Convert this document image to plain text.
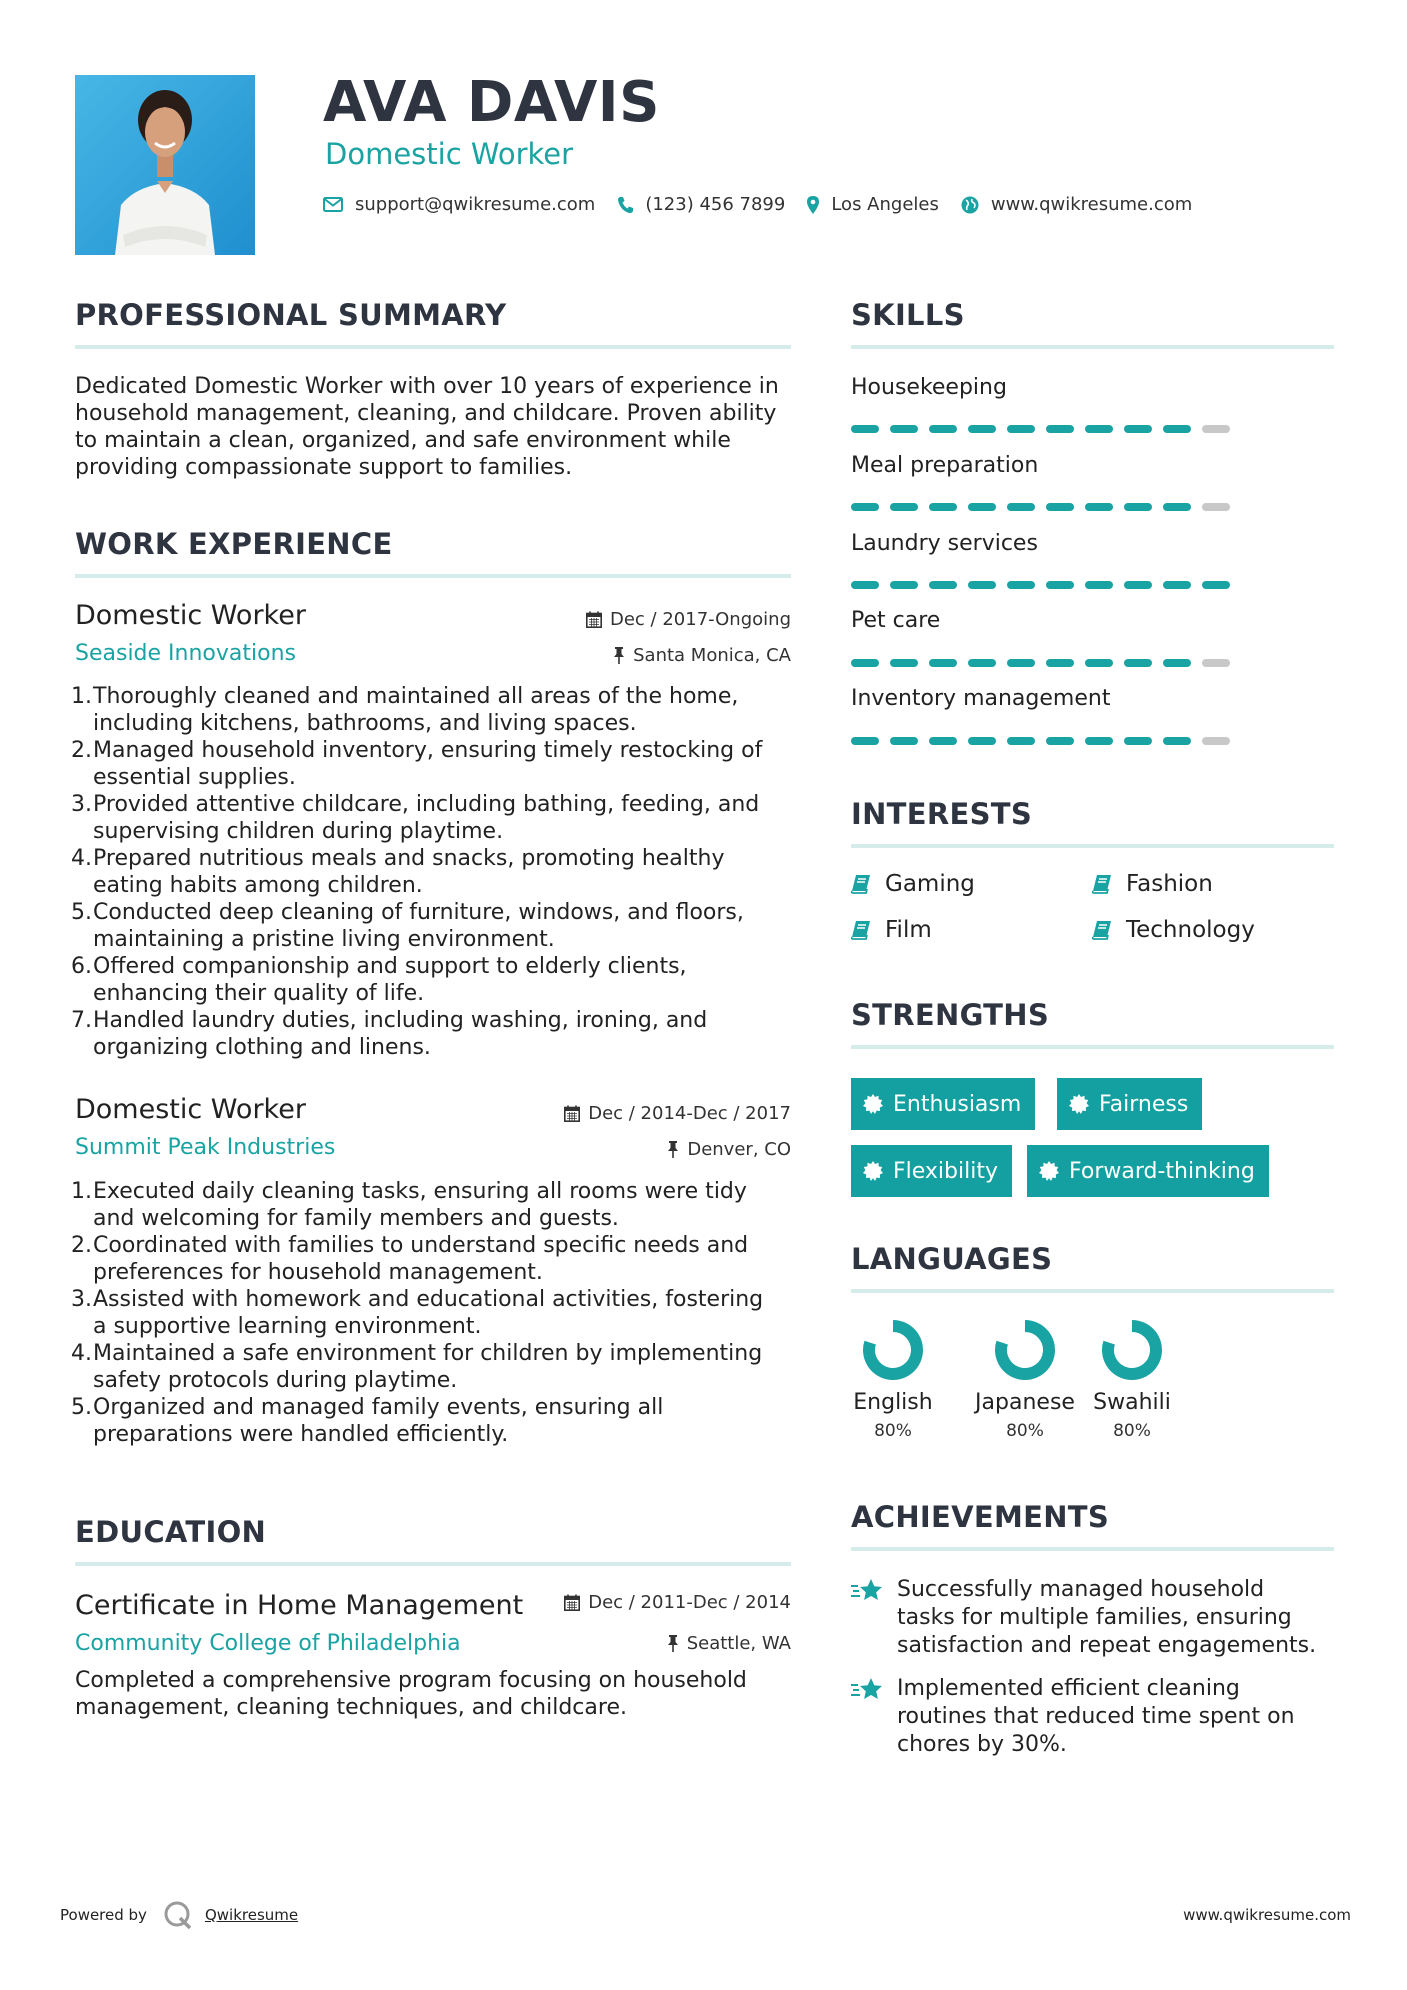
AVA DAVIS
Domestic Worker
support@qwikresume.com	(123) 456 7899	Los Angeles	www.qwikresume.com
PROFESSIONAL SUMMARY
Dedicated Domestic Worker with over 10 years of experience in
household management, cleaning, and childcare. Proven ability
to maintain a clean, organized, and safe environment while
providing compassionate support to families.
WORK EXPERIENCE
Domestic Worker	Dec / 2017-Ongoing
Seaside Innovations	Santa Monica, CA
Thoroughly cleaned and maintained all areas of the home,
including kitchens, bathrooms, and living spaces.
Managed household inventory, ensuring timely restocking of
essential supplies.
Provided attentive childcare, including bathing, feeding, and
supervising children during playtime.
Prepared nutritious meals and snacks, promoting healthy
eating habits among children.
Conducted deep cleaning of furniture, windows, and floors,
maintaining a pristine living environment.
Offered companionship and support to elderly clients,
enhancing their quality of life.
Handled laundry duties, including washing, ironing, and
organizing clothing and linens.
Domestic Worker	Dec / 2014-Dec / 2017
Summit Peak Industries	Denver, CO
Executed daily cleaning tasks, ensuring all rooms were tidy
and welcoming for family members and guests.
Coordinated with families to understand specific needs and
preferences for household management.
Assisted with homework and educational activities, fostering
a supportive learning environment.
Maintained a safe environment for children by implementing
safety protocols during playtime.
Organized and managed family events, ensuring all
preparations were handled efficiently.
EDUCATION
Certificate in Home Management	Dec / 2011-Dec / 2014
Community College of Philadelphia	Seattle, WA
Completed a comprehensive program focusing on household
management, cleaning techniques, and childcare.
SKILLS
Housekeeping
Meal preparation
Laundry services
Pet care
Inventory management
INTERESTS
Gaming	Fashion
Film	Technology
STRENGTHS
Enthusiasm	Fairness
Flexibility	Forward-thinking
LANGUAGES
English
80%
Japanese
80%
Swahili
80%
ACHIEVEMENTS
Successfully managed household
tasks for multiple families, ensuring
satisfaction and repeat engagements.
Implemented efficient cleaning
routines that reduced time spent on
chores by 30%.
Powered by	Qwikresume	www.qwikresume.com
